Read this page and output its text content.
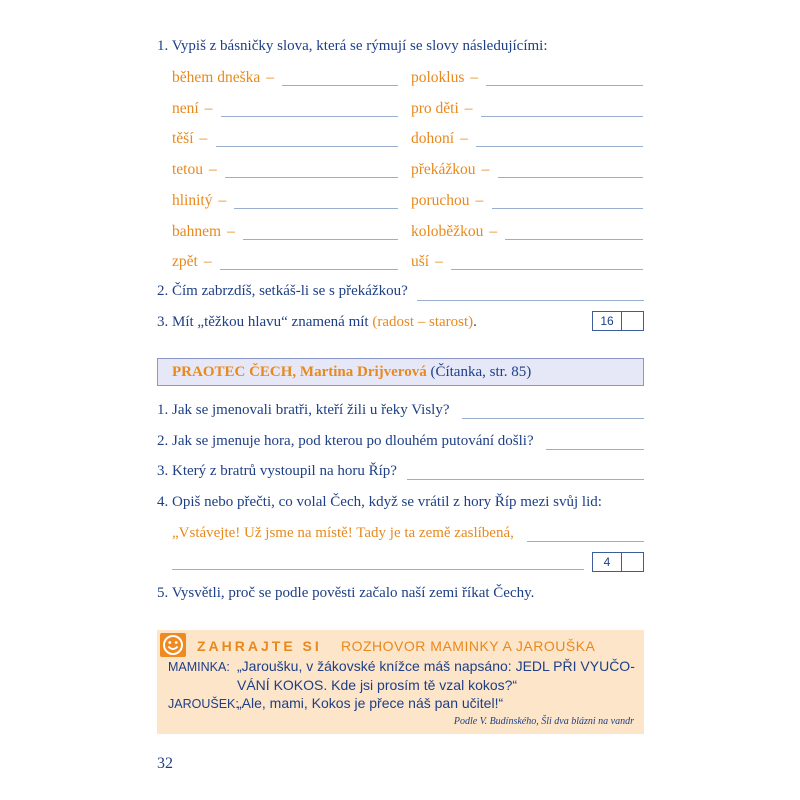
1. Vypiš z básničky slova, která se rýmují se slovy následujícími:
během dneška –	poloklus –
není –	pro děti –
těší –	dohoní –
tetou –	překážkou –
hlinitý –	poruchou –
bahnem –	koloběžkou –
zpět –	uší –
2. Čím zabrzdíš, setkáš-li se s překážkou?
3. Mít „těžkou hlavu“ znamená mít (radost – starost).	16
PRAOTEC ČECH, Martina Drijverová (Čítanka, str. 85)
1. Jak se jmenovali bratři, kteří žili u řeky Visly?
2. Jak se jmenuje hora, pod kterou po dlouhém putování došli?
3. Který z bratrů vystoupil na horu Říp?
4. Opiš nebo přečti, co volal Čech, když se vrátil z hory Říp mezi svůj lid:
„Vstávejte! Už jsme na místě! Tady je ta země zaslíbená,
4
5. Vysvětli, proč se podle pověsti začalo naší zemi říkat Čechy.
ZAHRAJTE SI ROZHOVOR MAMINKY A JAROUŠKA
MAMINKA: „Jaroušku, v žákovské knížce máš napsáno: JEDL PŘI VYUČO-
VÁNÍ KOKOS. Kde jsi prosím tě vzal kokos?“
JAROUŠEK:
„Ale, mami, Kokos je přece náš pan učitel!“
Podle V. Budínského, Šli dva blázni na vandr
32
